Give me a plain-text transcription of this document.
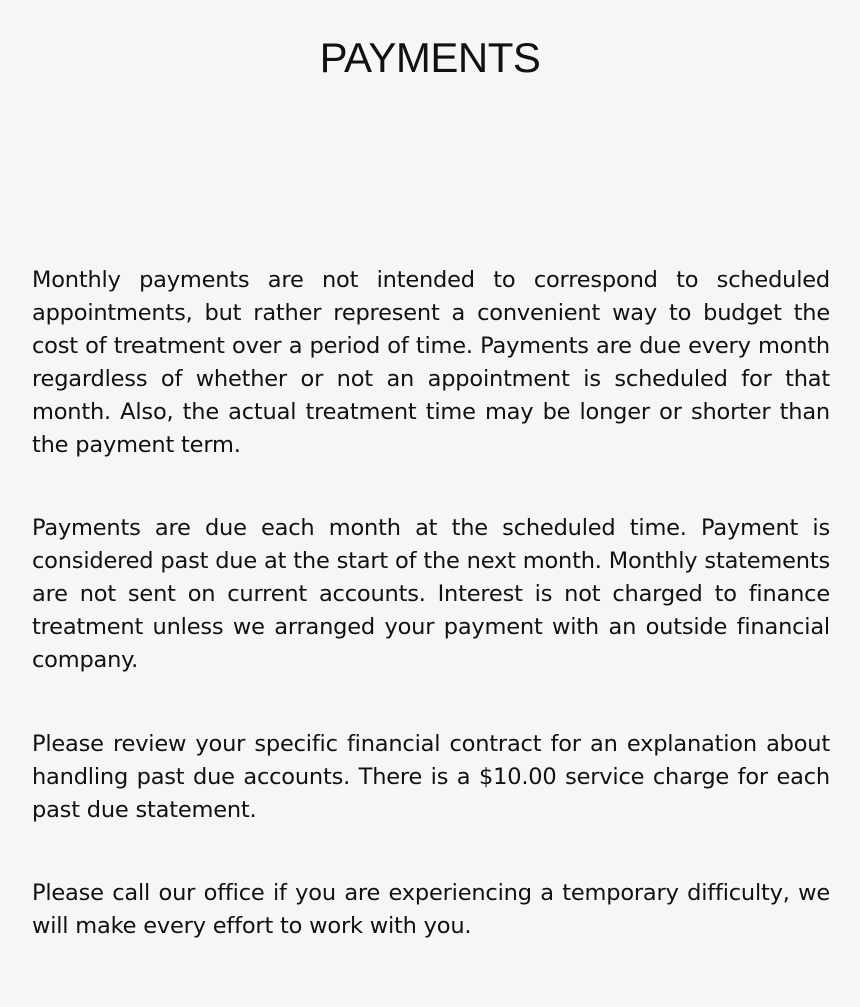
PAYMENTS

Monthly payments are not intended to correspond to scheduled appointments, but rather represent a convenient way to budget the cost of treatment over a period of time. Payments are due every month regardless of whether or not an appointment is scheduled for that month. Also, the actual treatment time may be longer or shorter than the payment term.

Payments are due each month at the scheduled time. Payment is considered past due at the start of the next month. Monthly statements are not sent on current accounts. Interest is not charged to finance treatment unless we arranged your payment with an outside financial company.

Please review your specific financial contract for an explanation about handling past due accounts. There is a $10.00 service charge for each past due statement.

Please call our office if you are experiencing a temporary difficulty, we will make every effort to work with you.
